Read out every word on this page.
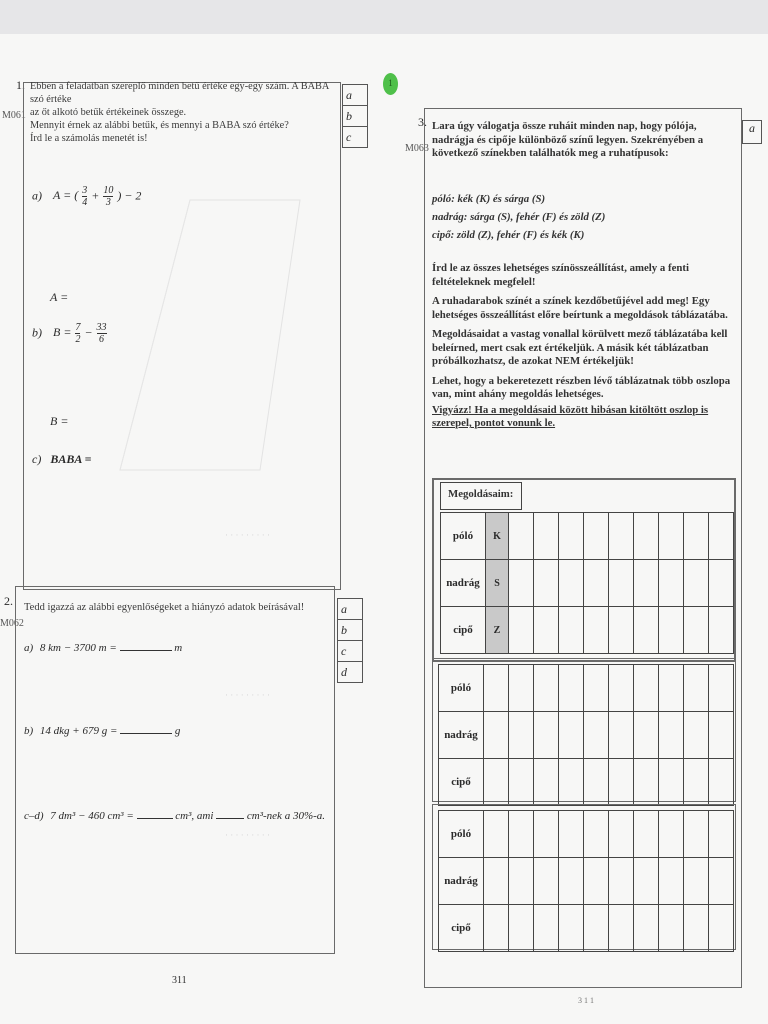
· · · · · · · · ·
· · · · · · · · ·
· · · · · · · · ·
1
1.
M061
a
b
c
Ebben a feladatban szereplő minden betű értéke egy-egy szám. A BABA szó értéke
az őt alkotó betűk értékeinek összege.
Mennyit érnek az alábbi betűk, és mennyi a BABA szó értéke?
Írd le a számolás menetét is!
a) A = ( $\frac{3}{4} + \frac{10}{3}$ ) − 2
A =
b) $B = \frac{7}{2} - \frac{33}{6}$
B =
c) BABA =
2.
M062
a
b
c
d
Tedd igazzá az alábbi egyenlőségeket a hiányzó adatok beírásával!
a) 8 km − 3700 m =	m
b) 14 dkg + 679 g =	g
c–d) 7 dm³ − 460 cm³ =	cm³, ami	cm³-nek a 30%-a.
311
3 1 1
3.
M063
a
Lara úgy válogatja össze ruháit minden nap, hogy pólója, nadrágja és cipője különböző színű legyen. Szekrényében a következő színekben találhatók meg a ruhatípusok:
póló: kék (K) és sárga (S)
nadrág: sárga (S), fehér (F) és zöld (Z)
cipő: zöld (Z), fehér (F) és kék (K)
Írd le az összes lehetséges színösszeállítást, amely a fenti feltételeknek megfelel!
A ruhadarabok színét a színek kezdőbetűjével add meg! Egy lehetséges összeállítást előre beírtunk a megoldások táblázatába.
Megoldásaidat a vastag vonallal körülvett mező táblázatába kell beleírned, mert csak ezt értékeljük. A másik két táblázatban próbálkozhatsz, de azokat NEM értékeljük!
Lehet, hogy a bekeretezett részben lévő táblázatnak több oszlopa van, mint ahány megoldás lehetséges.
Vigyázz! Ha a megoldásaid között hibásan kitöltött oszlop is szerepel, pontot vonunk le.
Megoldásaim:
póló	K									
nadrág	S									
cipő	Z									
póló										
nadrág										
cipő										
póló										
nadrág										
cipő										
